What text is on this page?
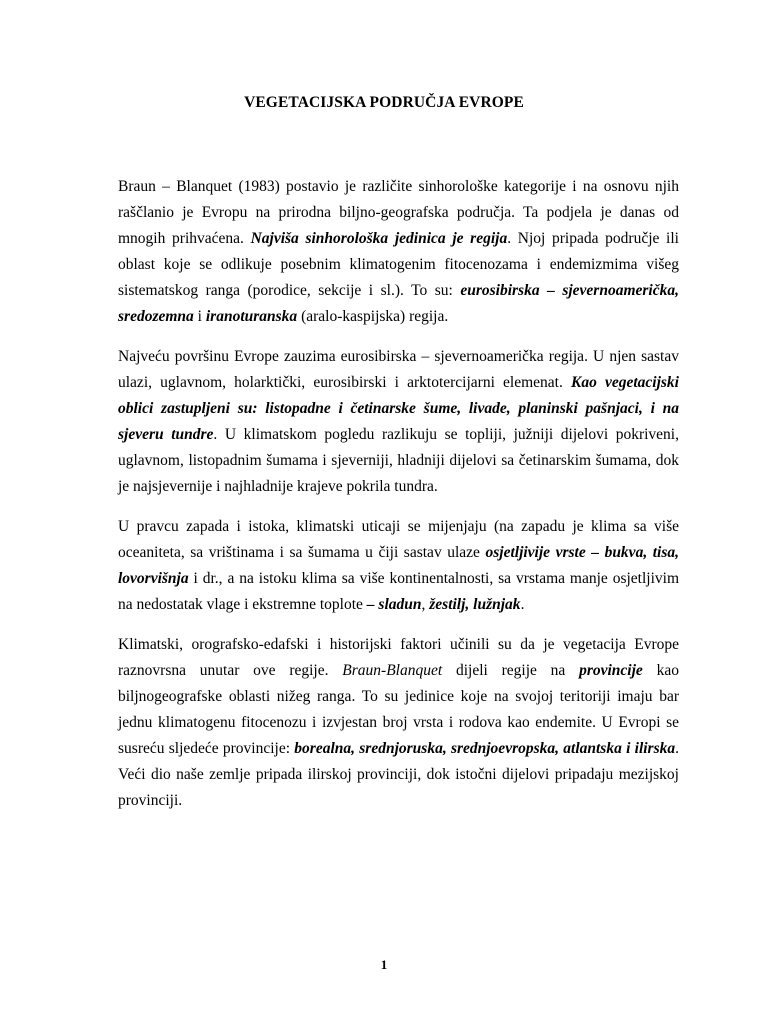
VEGETACIJSKA PODRUČJA EVROPE

Braun – Blanquet (1983) postavio je različite sinhorološke kategorije i na osnovu njih raščlanio je Evropu na prirodna biljno-geografska područja. Ta podjela je danas od mnogih prihvaćena. Najviša sinhorološka jedinica je regija. Njoj pripada područje ili oblast koje se odlikuje posebnim klimatogenim fitocenozama i endemizmima višeg sistematskog ranga (porodice, sekcije i sl.). To su: eurosibirska – sjevernoamerička, sredozemna i iranoturanska (aralo-kaspijska) regija.

Najveću površinu Evrope zauzima eurosibirska – sjevernoamerička regija. U njen sastav ulazi, uglavnom, holarktički, eurosibirski i arktotercijarni elemenat. Kao vegetacijski oblici zastupljeni su: listopadne i četinarske šume, livade, planinski pašnjaci, i na sjeveru tundre. U klimatskom pogledu razlikuju se topliji, južniji dijelovi pokriveni, uglavnom, listopadnim šumama i sjeverniji, hladniji dijelovi sa četinarskim šumama, dok je najsjevernije i najhladnije krajeve pokrila tundra.

U pravcu zapada i istoka, klimatski uticaji se mijenjaju (na zapadu je klima sa više oceaniteta, sa vrištinama i sa šumama u čiji sastav ulaze osjetljivije vrste – bukva, tisa, lovorvišnja i dr., a na istoku klima sa više kontinentalnosti, sa vrstama manje osjetljivim na nedostatak vlage i ekstremne toplote – sladun, žestilj, lužnjak.

Klimatski, orografsko-edafski i historijski faktori učinili su da je vegetacija Evrope raznovrsna unutar ove regije. Braun-Blanquet dijeli regije na provincije kao biljnogeografske oblasti nižeg ranga. To su jedinice koje na svojoj teritoriji imaju bar jednu klimatogenu fitocenozu i izvjestan broj vrsta i rodova kao endemite. U Evropi se susreću sljedeće provincije: borealna, srednjoruska, srednjoevropska, atlantska i ilirska. Veći dio naše zemlje pripada ilirskoj provinciji, dok istočni dijelovi pripadaju mezijskoj provinciji.

1
